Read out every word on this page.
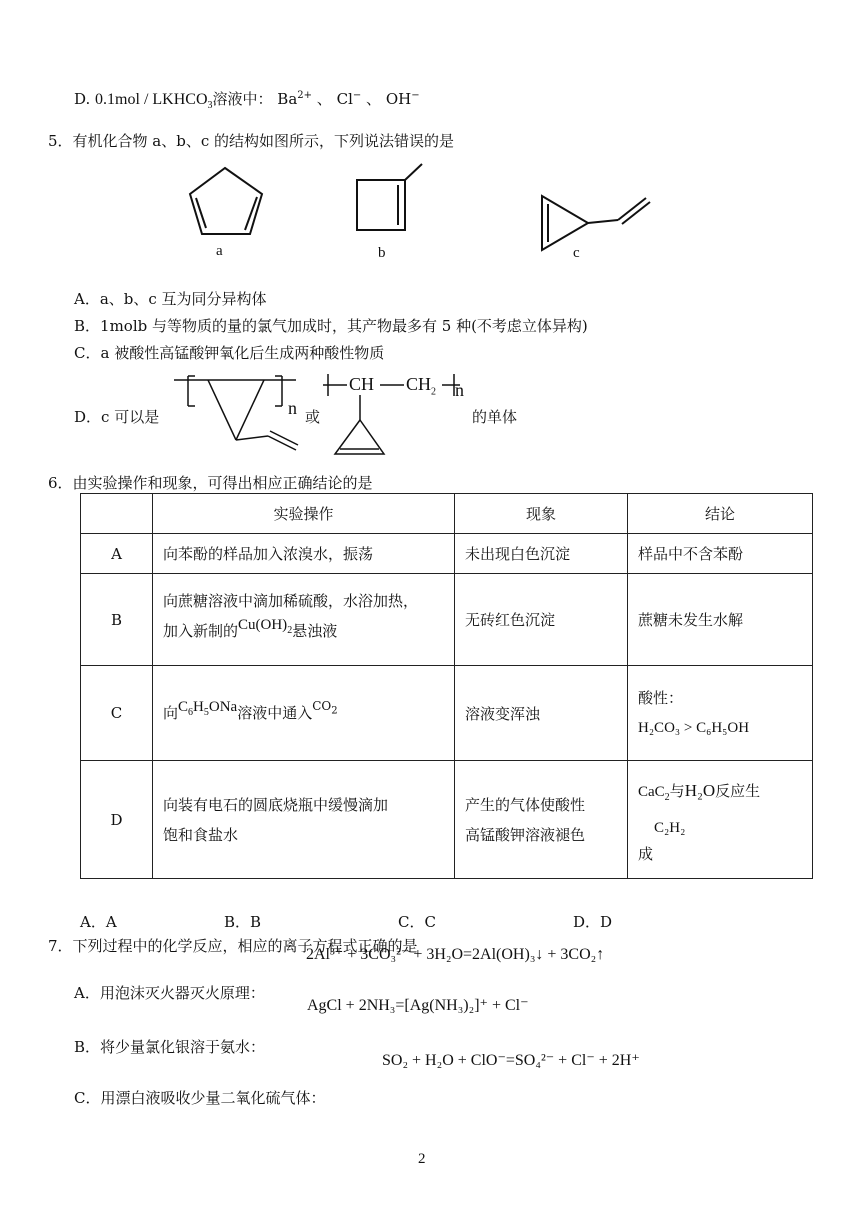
D. $0.1mol / LKHCO_3$溶液中： $Ba^{2+}$ 、 Cl− 、 OH−
5．有机化合物 a、b、c 的结构如图所示，下列说法错误的是
a	b	c
A．a、b、c 互为同分异构体
B．1molb 与等物质的量的氯气加成时，其产物最多有 5 种(不考虑立体异构)
C．a 被酸性高锰酸钾氧化后生成两种酸性物质
D．c 可以是	n 或
CH $CH_2$ n
的单体
6．由实验操作和现象，可得出相应正确结论的是
	实验操作	现象	结论
A	向苯酚的样品加入浓溴水，振荡	未出现白色沉淀	样品中不含苯酚
B	向蔗糖溶液中滴加稀硫酸，水浴加热，
加入新制的$Cu(OH)_2$悬浊液	无砖红色沉淀	蔗糖未发生水解
C	向$C_6H_5ONa$溶液中通入$^{CO_2}$	溶液变浑浊	酸性：
H₂CO₃ > C₆H₅OH

D	向装有电石的圆底烧瓶中缓慢滴加
饱和食盐水	产生的气体使酸性
高锰酸钾溶液褪色	CaC$_2$与H₂O反应生
C₂H₂
成
A．A	B．B	C．C	D．D
7．下列过程中的化学反应，相应的离子方程式正确的是
2Al³⁺ + 3CO₃²⁻ + 3H₂O=2Al(OH)₃↓ + 3CO₂↑
A．用泡沫灭火器灭火原理：
AgCl + 2NH₃=[Ag(NH₃)₂]⁺ + Cl⁻
B．将少量氯化银溶于氨水：
SO₂ + H₂O + ClO⁻=SO₄²⁻ + Cl⁻ + 2H⁺
C．用漂白液吸收少量二氧化硫气体：
2
